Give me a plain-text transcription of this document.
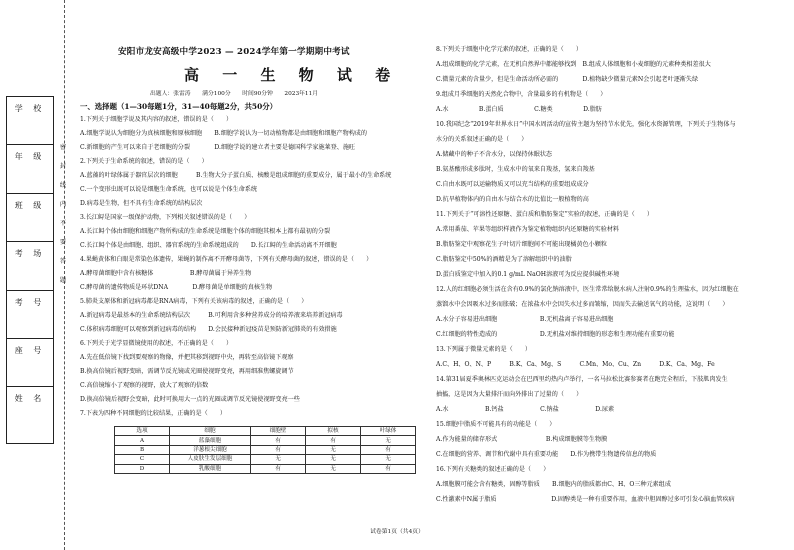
安阳市龙安高级中学2023 — 2024学年第一学期期中考试
高 一 生 物 试 卷
出题人：张雷涛　　满分100分　　时间90分钟　　2023年11月
学 校
年 级
班 级
考 场
考 号
座 号
姓 名
密 封 线 内 不 要 答 题
一、选择题（1—30每题1分，31—40每题2分，共50分）
1.下列关于细胞学说及其内容的叙述，错误的是（　　）
A.细胞学说认为细胞分为真核细胞和原核细胞　　B.细胞学说认为一切动植物都是由细胞和细胞产物构成的
C.新细胞的产生可以来自于老细胞的分裂　　　　D.细胞学说的建立者主要是德国科学家施莱登、施旺
2.下列关于生命系统的叙述，错误的是（　　）
A.蓝藻的叶绿体属于器官层次的细胞　　　B.生物大分子蛋白质、核酸是组成细胞的重要成分，属于最小的生命系统
C.一个变形虫既可以说是细胞生命系统，也可以说是个体生命系统
D.病毒是生物，但不具有生命系统的结构层次
3.长江鲟是国家一级保护动物，下列相关叙述错误的是（　　）
A.长江鲟个体由细胞和细胞产物所构成的生命系统是细胞个体的细胞其根本上都有最初的分裂
C.长江鲟个体是由细胞、组织、器官系统的生命系统组成的　　D.长江鲟的生命活动离不开细胞
4.果蝇黄体和白眼是常染色体遗传，果蝇的制作离不开酵母菌等，下列有关酵母菌的叙述，错误的是（　　）
A.酵母菌细胞中含有核糖体　　　　　　B.酵母菌属于异养生物
C.酵母菌的遗传物质是环状DNA　　　　D.酵母菌是单细胞的真核生物
5.肺炎支原体和新冠病毒都是RNA病毒，下列有关该病毒的叙述，正确的是（　　）
A.新冠病毒是最基本的生命系统结构层次　　　B.可利用含多种营养成分的培养液来培养新冠病毒
C.体积病毒细胞可以观察到新冠病毒的结构　　D.会民接种新冠疫苗是预防新冠肺炎的有效措施
6.下列关于光学显微镜使用的叙述，不正确的是（　　）
A.先在低倍镜下找到要观察的物像，并把其移到视野中央，再转至高倍镜下观察
B.换高倍镜后视野变暗，需调节反光镜或光圈使视野变亮，再用细准焦螺旋调节
C.高倍镜缩小了观察的视野，放大了观察的倍数
D.换高倍镜后视野会变暗，此时可换用大一点的光圈或调节反光镜使视野变亮一些
7.下表为四种不同细胞的比较结果，正确的是（　　）
8.下列关于细胞中化学元素的叙述，正确的是（　　）
A.组成细胞的化学元素，在无机自然界中都能够找到　B.组成人体细胞和小麦细胞的元素种类相差很大
C.微量元素的含量少，但是生命活动所必需的　　　　D.植物缺少微量元素N会引起老叶逐渐失绿
9.组成月季细胞的天然化合物中，含量最多的有机物是（　　）
A.水　　　　　B.蛋白质　　　　　C.糖类　　　　　D.脂肪
10.我国纪念“2019年世界水日”中国水周活动的宣传主题为坚持节水优先，强化水资源管理，下列关于生物体与
水分的关系叙述正确的是（　　）
A.储藏中的种子不含水分，以保持休眠状态
B.氨基酸形成多肽时，生成水中的氧来自羧基，氢来自羧基
C.自由水既可以运输物质又可以充当结构的重要组成成分
D.抗旱植物体内的自由水与结合水的比值比一般植物的高
11.下列关于“可溶性还原糖、蛋白质和脂肪鉴定”实验的叙述，正确的是（　　）
A.常用番茄、苹果等组织样液作为鉴定植物组织内还原糖的实验材料
B.脂肪鉴定中观察花生子叶切片细胞间不可能出现橘黄色小颗粒
C.脂肪鉴定中50%的酒精是为了溶解组织中的油脂
D.蛋白质鉴定中加入的0.1 g/mL NaOH溶液可为反应提供碱性环境
12.人的红细胞必须生活在含有0.9%的氯化钠溶液中，医生常常给脱水病人注射0.9%的生理盐水，因为红细胞在
蒸馏水中会因吸水过多而胀破；在浓盐水中会因失水过多而皱缩，因而失去输送氧气的功能，这说明（　　）
A.水分子容易进出细胞　　　　　　　B.无机盐离子容易进出细胞
C.红细胞的特性造成的　　　　　　　D.无机盐对维持细胞的形态和生理功能有重要功能
13.下列属于微量元素的是（　　）
A.C、H、O、N、P　　　B.K、Ca、Mg、S　　　C.Mn、Mo、Cu、Zn　　　D.K、Ca、Mg、Fe
14.第31届夏季奥林匹克运动会在巴西里约热内卢举行，一名马拉松比赛参赛者在跑完全程后，下肢肌肉发生
抽搐，这是因为大量排汗而向外排出了过量的（　　）
A.水　　　　　　B.钙盐　　　　　　C.钠盐　　　　　　D.尿素
15.细胞中脂质不可能具有的功能是（　　）
A.作为能量的储存形式　　　　　　　　B.构成细胞膜等生物膜
C.在细胞的营养、调节和代谢中具有重要功能　　D.作为携带生物遗传信息的物质
16.下列有关糖类的叙述正确的是（　　）
A.细胞膜可能会含有糖类，固醇等脂质　　B.细胞内的脂质都由C、H、O三种元素组成
C.性激素中N属于脂质　　　　　　　　　D.固醇类是一种有重要作用，血液中胆固醇过多可引发心脑血管疾病
选项	细胞	细胞壁	拟核	叶绿体
A	蓝藻细胞	有	有	无
B	洋葱根尖细胞	有	无	有
C	人皮肤生发层细胞	无	无	无
D	乳酸细胞	有	无	有
试卷第1页（共4页）
